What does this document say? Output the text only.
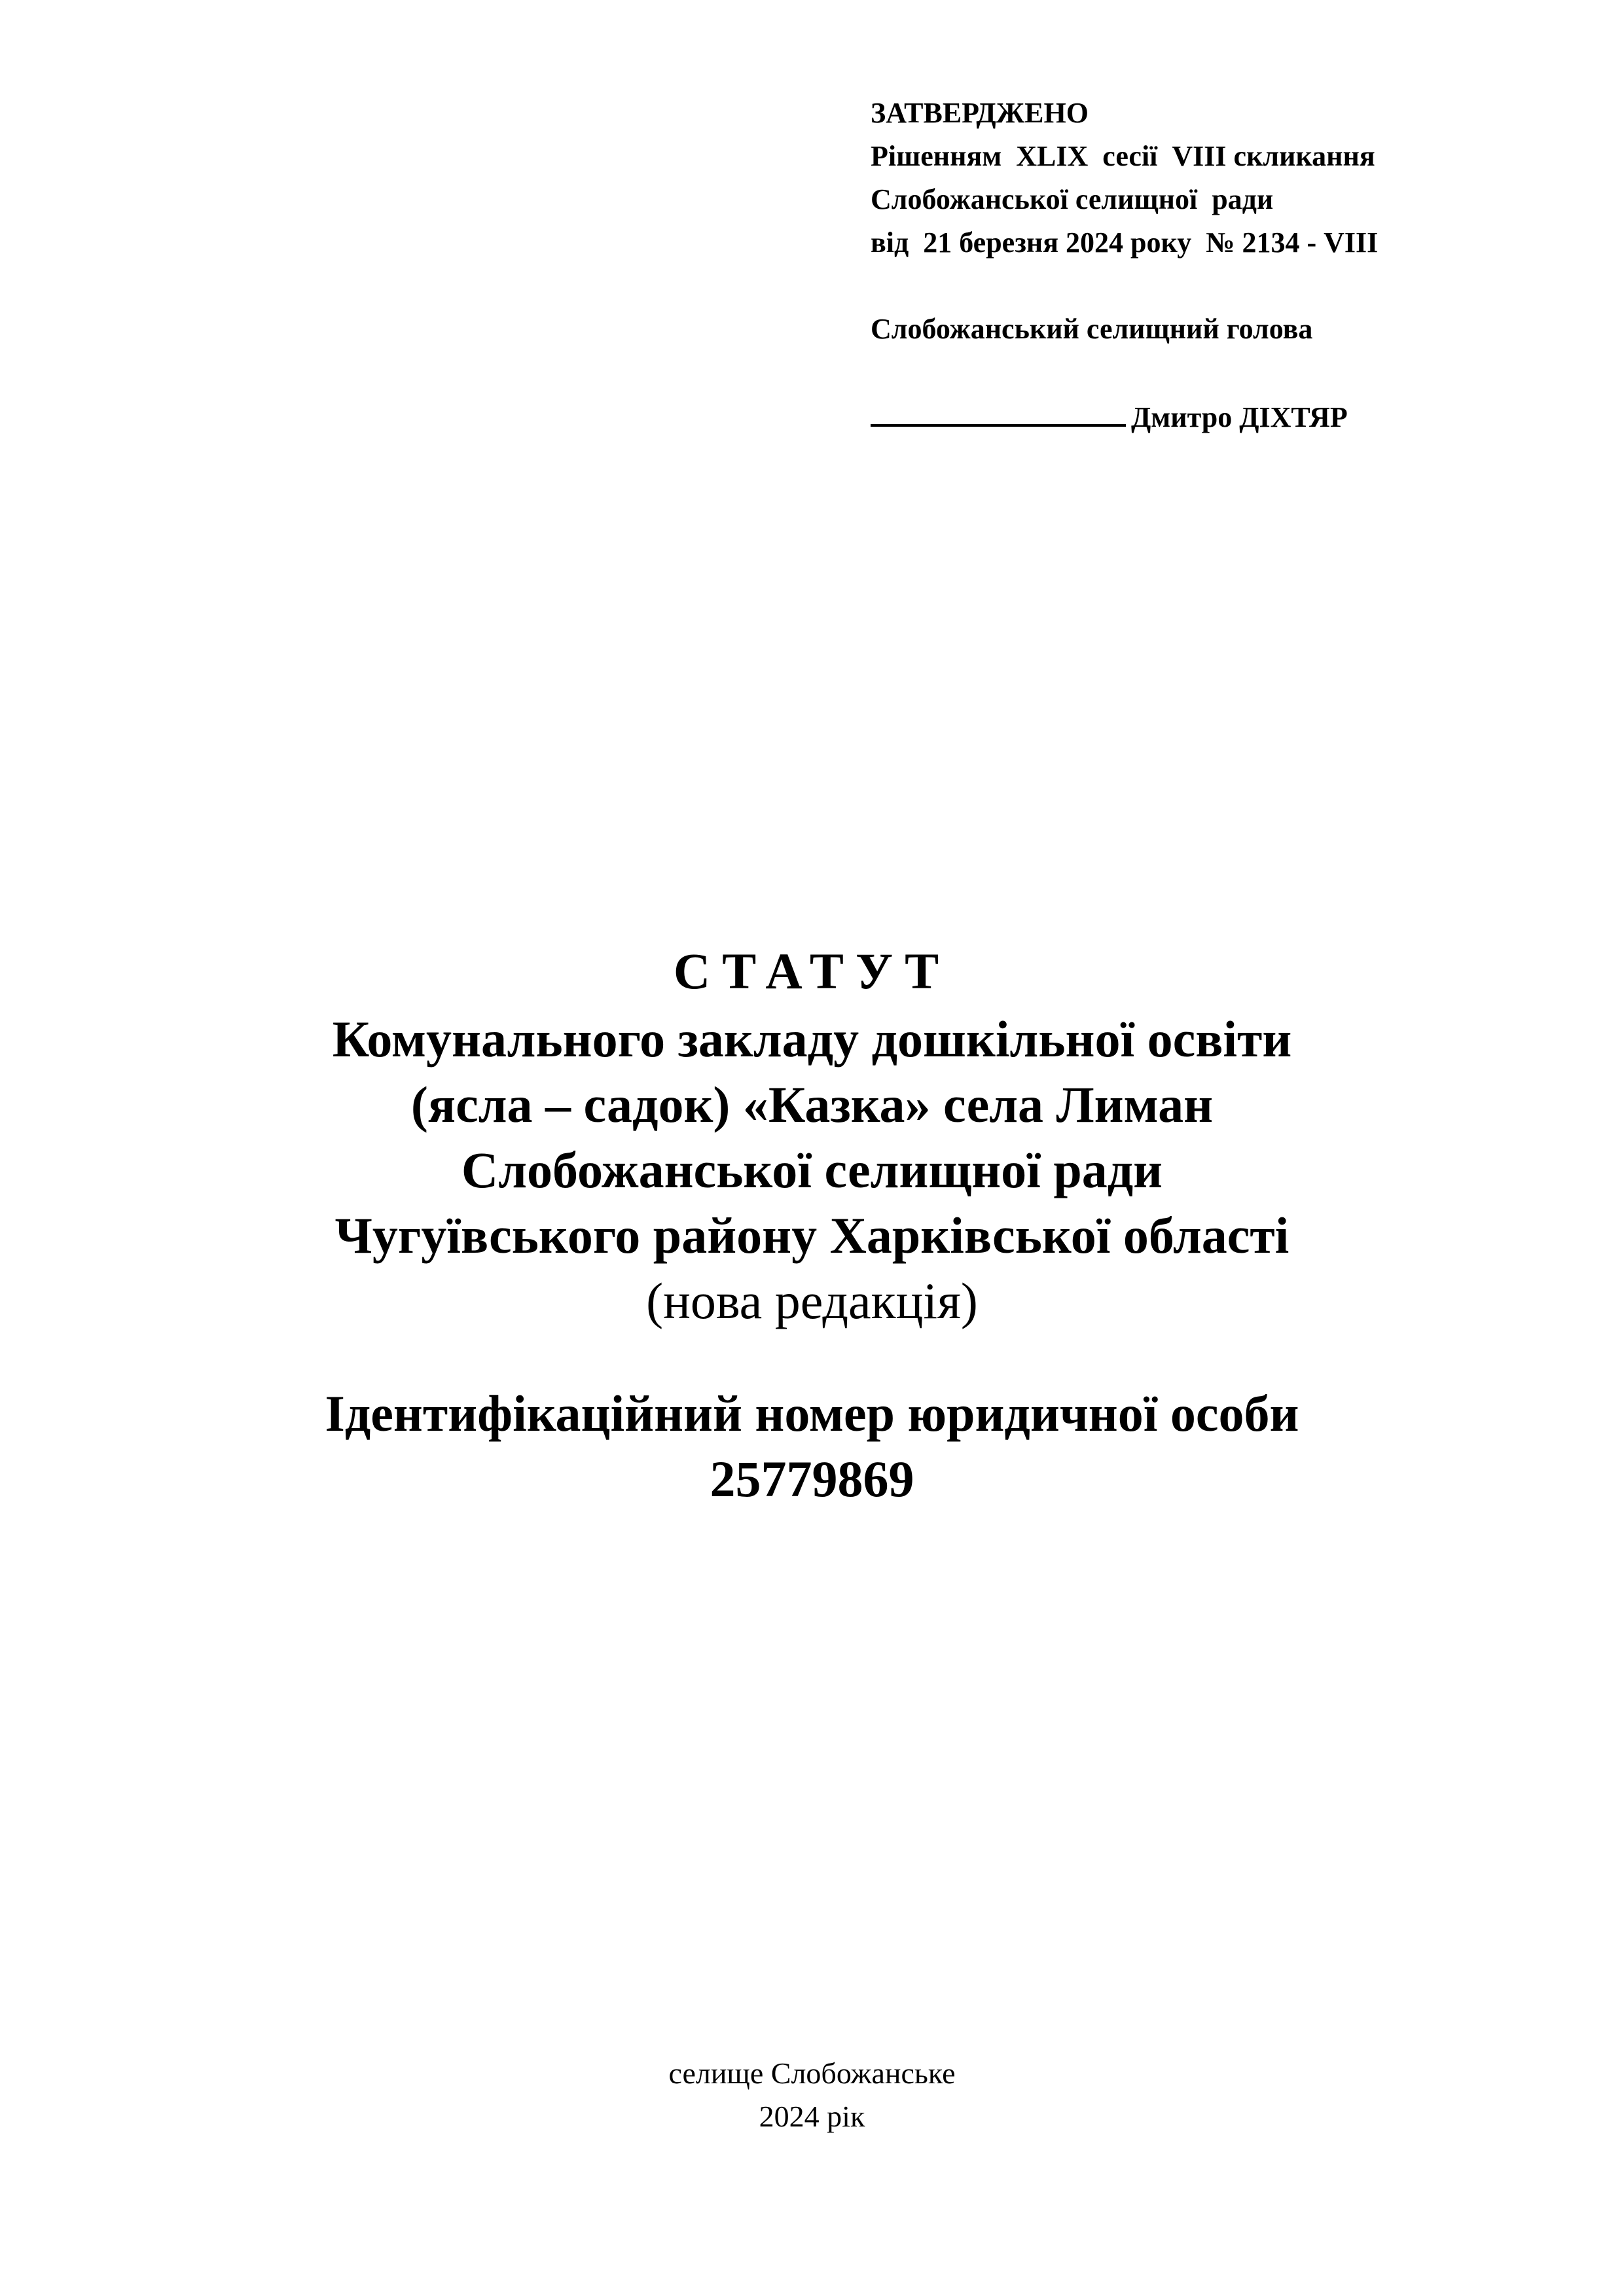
ЗАТВЕРДЖЕНО
Рішенням  XLIX  сесії  VIII скликання
Слобожанської селищної  ради
від  21 березня 2024 року  № 2134 - VIII
Слобожанський селищний голова
Дмитро ДІХТЯР
СТАТУТ
Комунального закладу дошкільної освіти
(ясла – садок) «Казка» села Лиман
Слобожанської селищної ради
Чугуївського району Харківської області
(нова редакція)
Ідентифікаційний номер юридичної особи
25779869
селище Слобожанське
2024 рік
